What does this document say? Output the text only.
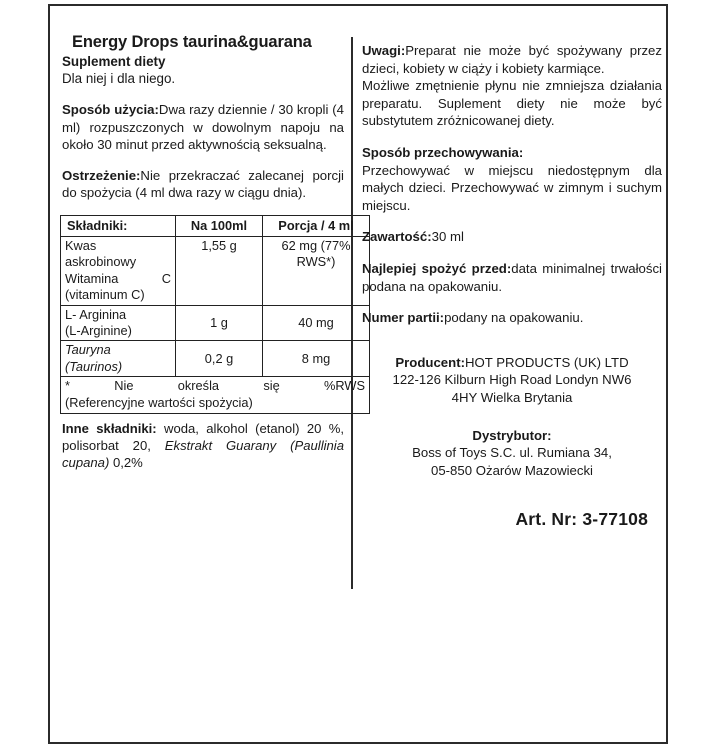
Energy Drops taurina&guarana
Suplement diety
Dla niej i dla niego.

Sposób użycia:Dwa razy dziennie / 30 kropli (4 ml) rozpuszczonych w dowolnym napoju na około 30 minut przed aktywnością seksualną.

Ostrzeżenie:Nie przekraczać zalecanej porcji do spożycia (4 ml dwa razy w ciągu dnia).

Składniki:	Na 100ml	Porcja / 4 ml
Kwas
askrobinowy

Witamina C
(vitaminum C)	1,55 g	62 mg (77% RWS*)
L- Arginina
(L-Arginine)	1 g	40 mg
Tauryna
(Taurinos)	0,2 g	8 mg

* Nie określa się %RWS
(Referencyjne wartości spożycia)		

Inne składniki: woda, alkohol (etanol) 20 %, polisorbat 20, Ekstrakt Guarany (Paullinia cupana) 0,2%

Uwagi:Preparat nie może być spożywany przez dzieci, kobiety w ciąży i kobiety karmiące.
Możliwe zmętnienie płynu nie zmniejsza działania preparatu. Suplement diety nie może być substytutem zróżnicowanej diety.

Sposób przechowywania:
Przechowywać w miejscu niedostępnym dla małych dzieci. Przechowywać w zimnym i suchym miejscu.

Zawartość:30 ml

Najlepiej spożyć przed:data minimalnej trwałości podana na opakowaniu.

Numer partii:podany na opakowaniu.

Producent:HOT PRODUCTS (UK) LTD

122-126 Kilburn High Road Londyn NW6

4HY Wielka Brytania

Dystrybutor:

Boss of Toys S.C. ul. Rumiana 34,

05-850 Ożarów Mazowiecki

Art. Nr: 3-77108
